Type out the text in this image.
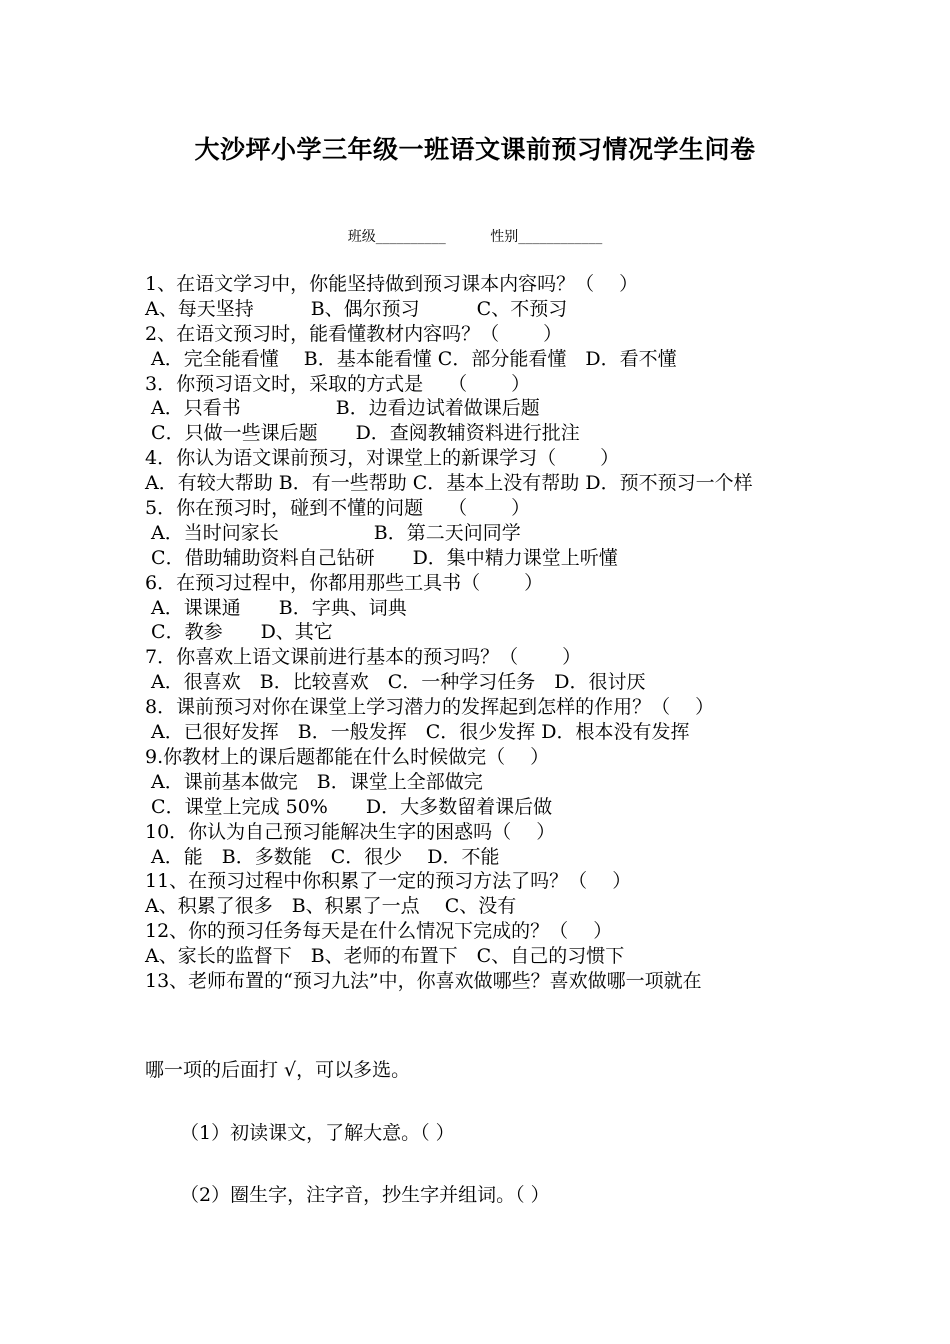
大沙坪小学三年级一班语文课前预习情况学生问卷
班级__________	性别____________
1、在语文学习中，你能坚持做到预习课本内容吗？（　 ）
A、每天坚持　　　B、偶尔预习　　　C、不预习
2、在语文预习时，能看懂教材内容吗？（　　 ）
A．完全能看懂　 B．基本能看懂 C．部分能看懂　D．看不懂
3．你预习语文时，采取的方式是　 （　　 ）
A．只看书　　　　　B．边看边试着做课后题
C．只做一些课后题　　D．查阅教辅资料进行批注
4．你认为语文课前预习，对课堂上的新课学习（　　 ）
A．有较大帮助 B．有一些帮助 C．基本上没有帮助 D．预不预习一个样
5．你在预习时，碰到不懂的问题　 （　　 ）
A．当时问家长　　　　　B．第二天问同学
C．借助辅助资料自己钻研　　D．集中精力课堂上听懂
6．在预习过程中，你都用那些工具书（　　 ）
A．课课通　　B．字典、词典
C．教参　　D、其它
7．你喜欢上语文课前进行基本的预习吗？（　　 ）
A．很喜欢　B．比较喜欢　C．一种学习任务　D．很讨厌
8．课前预习对你在课堂上学习潜力的发挥起到怎样的作用？（　 ）
A．已很好发挥　B．一般发挥　C．很少发挥 D．根本没有发挥
9.你教材上的课后题都能在什么时候做完（　 ）
A．课前基本做完　B．课堂上全部做完
C．课堂上完成 50%　　D．大多数留着课后做
10．你认为自己预习能解决生字的困惑吗（　 ）
A．能　B．多数能　C．很少　 D．不能
11、在预习过程中你积累了一定的预习方法了吗？（　 ）
A、积累了很多　B、积累了一点　 C、没有
12、你的预习任务每天是在什么情况下完成的？（　 ）
A、家长的监督下　B、老师的布置下　C、自己的习惯下
13、老师布置的“预习九法”中，你喜欢做哪些？喜欢做哪一项就在
哪一项的后面打 √，可以多选。
（1）初读课文，了解大意。（ ）
（2）圈生字，注字音，抄生字并组词。（ ）
